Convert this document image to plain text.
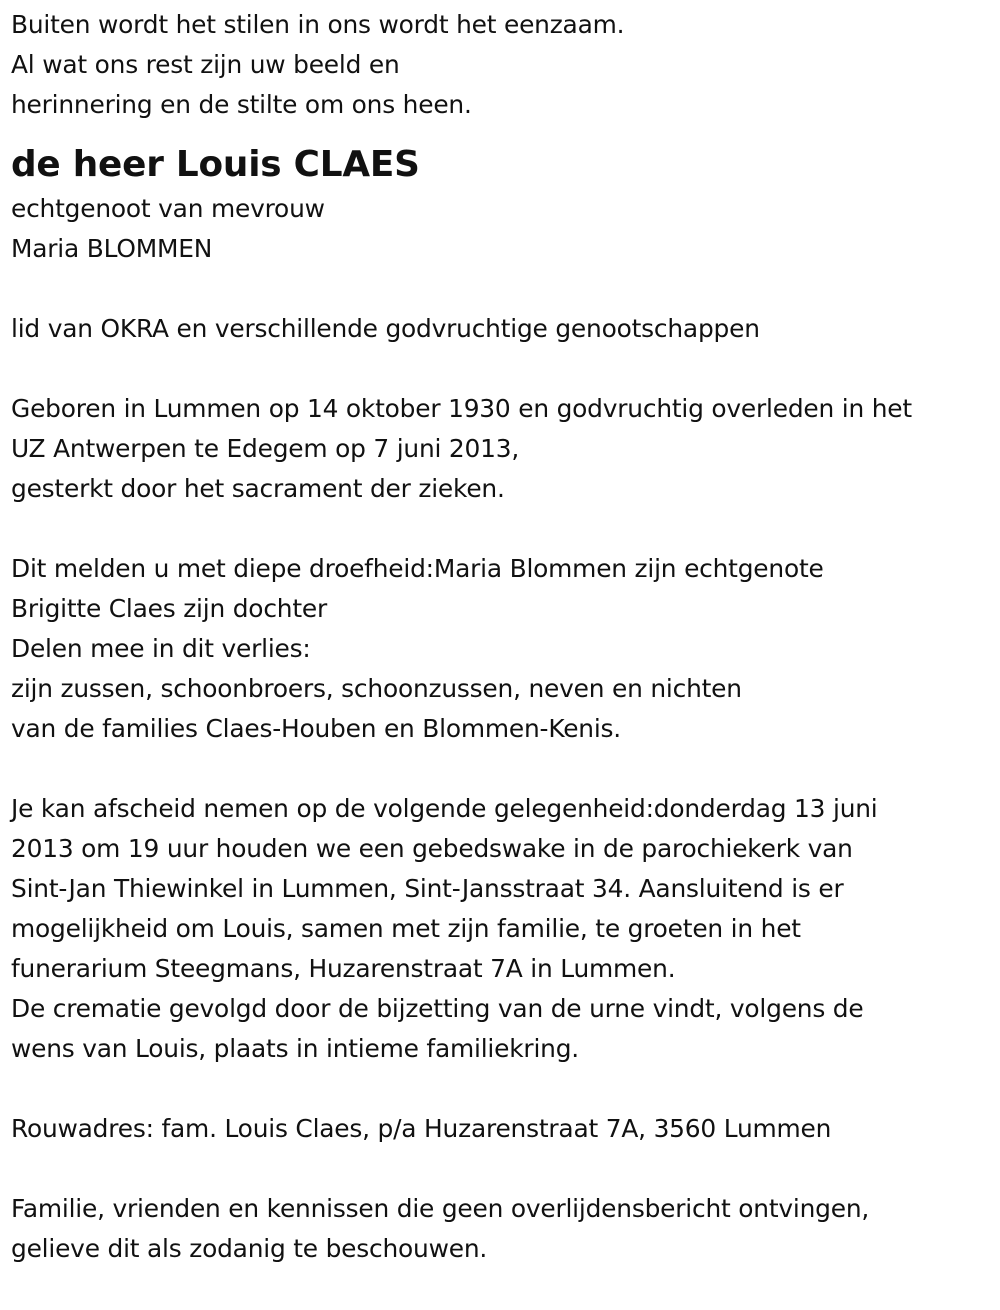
Buiten wordt het stilen in ons wordt het eenzaam.
Al wat ons rest zijn uw beeld en
herinnering en de stilte om ons heen.
de heer Louis CLAES
echtgenoot van mevrouw
Maria BLOMMEN
lid van OKRA en verschillende godvruchtige genootschappen
Geboren in Lummen op 14 oktober 1930 en godvruchtig overleden in het
UZ Antwerpen te Edegem op 7 juni 2013,
gesterkt door het sacrament der zieken.
Dit melden u met diepe droefheid:Maria Blommen zijn echtgenote
Brigitte Claes zijn dochter
Delen mee in dit verlies:
zijn zussen, schoonbroers, schoonzussen, neven en nichten
van de families Claes-Houben en Blommen-Kenis.
Je kan afscheid nemen op de volgende gelegenheid:donderdag 13 juni
2013 om 19 uur houden we een gebedswake in de parochiekerk van
Sint-Jan Thiewinkel in Lummen, Sint-Jansstraat 34. Aansluitend is er
mogelijkheid om Louis, samen met zijn familie, te groeten in het
funerarium Steegmans, Huzarenstraat 7A in Lummen.
De crematie gevolgd door de bijzetting van de urne vindt, volgens de
wens van Louis, plaats in intieme familiekring.
Rouwadres: fam. Louis Claes, p/a Huzarenstraat 7A, 3560 Lummen
Familie, vrienden en kennissen die geen overlijdensbericht ontvingen,
gelieve dit als zodanig te beschouwen.
